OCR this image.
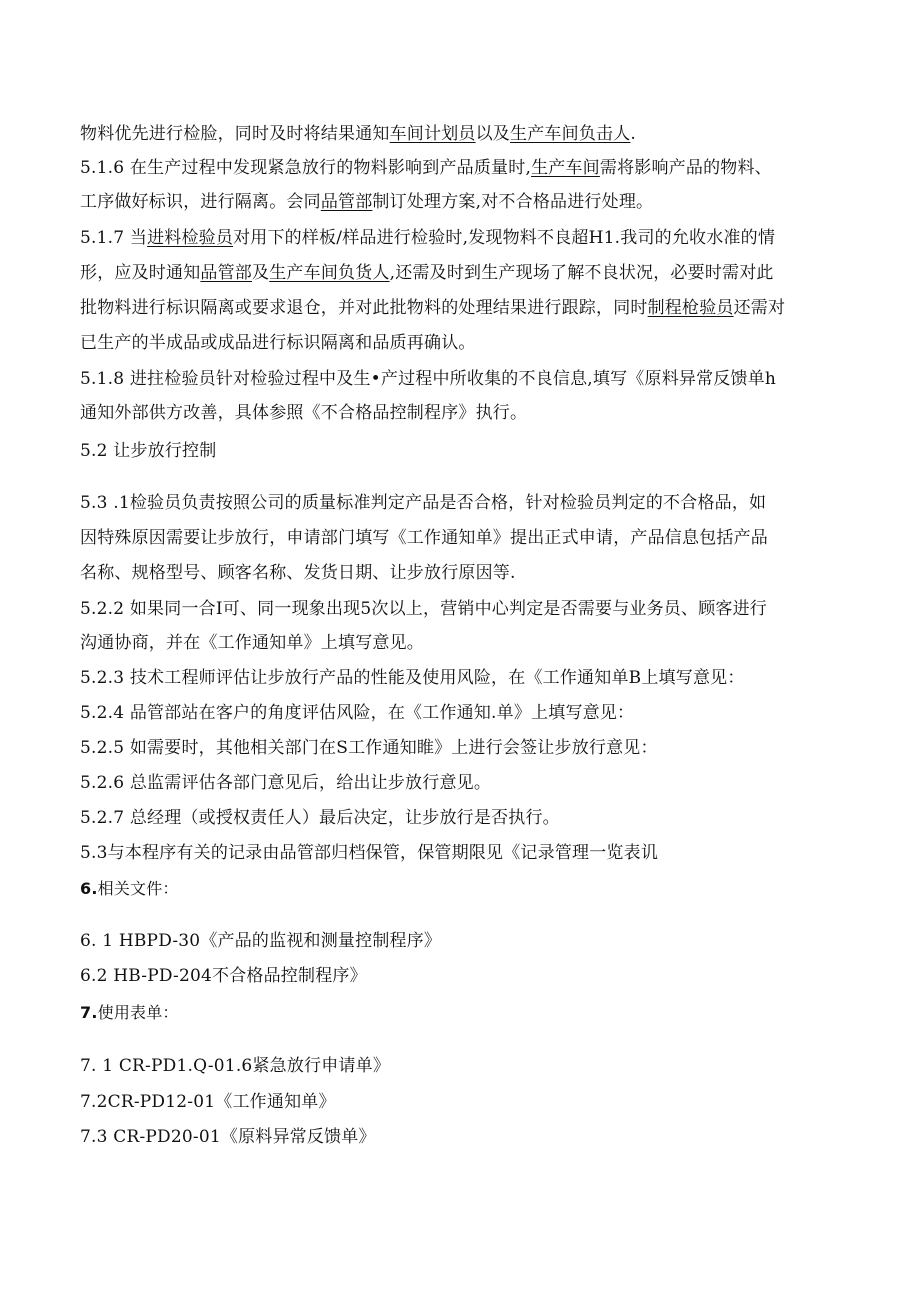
物料优先进行检脸，同时及时将结果通知车间计划员以及生产车间负击人.
5.1.6 在生产过程中发现紧急放行的物料影响到产品质量时,生产车间需将影响产品的物料、
工序做好标识，进行隔离。会同品管部制订处理方案,对不合格品进行处理。
5.1.7 当进料检验员对用下的样板/样品进行检验时,发现物料不良超H1.我司的允收水准的情
形，应及时通知品管部及生产车间负货人,还需及时到生产现场了解不良状况，必要时需对此
批物料进行标识隔离或要求退仓，并对此批物料的处理结果进行跟踪，同时制程枪验员还需对
已生产的半成品或成品进行标识隔离和品质再确认。
5.1.8 进拄检验员针对检验过程中及生•产过程中所收集的不良信息,填写《原料异常反馈单h
通知外部供方改善，具体参照《不合格品控制程序》执行。
5.2 让步放行控制
5.3 .1检验员负责按照公司的质量标准判定产品是否合格，针对检验员判定的不合格品，如
因特殊原因需要让步放行，申请部门填写《工作通知单》提出正式申请，产品信息包括产品
名称、规格型号、顾客名称、发货日期、让步放行原因等.
5.2.2 如果同一合I可、同一现象出现5次以上，营销中心判定是否需要与业务员、顾客进行
沟通协商，并在《工作通知单》上填写意见。
5.2.3 技术工程师评估让步放行产品的性能及使用风险，在《工作通知单B上填写意见：
5.2.4 品管部站在客户的角度评估风险，在《工作通知.单》上填写意见：
5.2.5 如需要时，其他相关部门在S工作通知睢》上进行会签让步放行意见：
5.2.6 总监需评估各部门意见后，给出让步放行意见。
5.2.7 总经理（或授权责任人）最后决定，让步放行是否执行。
5.3与本程序有关的记录由品管部归档保管，保管期限见《记录管理一览表讥
6.相关文件：
6. 1 HBPD-30《产品的监视和测量控制程序》
6.2 HB-PD-204不合格品控制程序》
7.使用表单：
7. 1 CR-PD1.Q-01.6紧急放行申请单》
7.2CR-PD12-01《工作通知单》
7.3 CR-PD20-01《原料异常反馈单》
